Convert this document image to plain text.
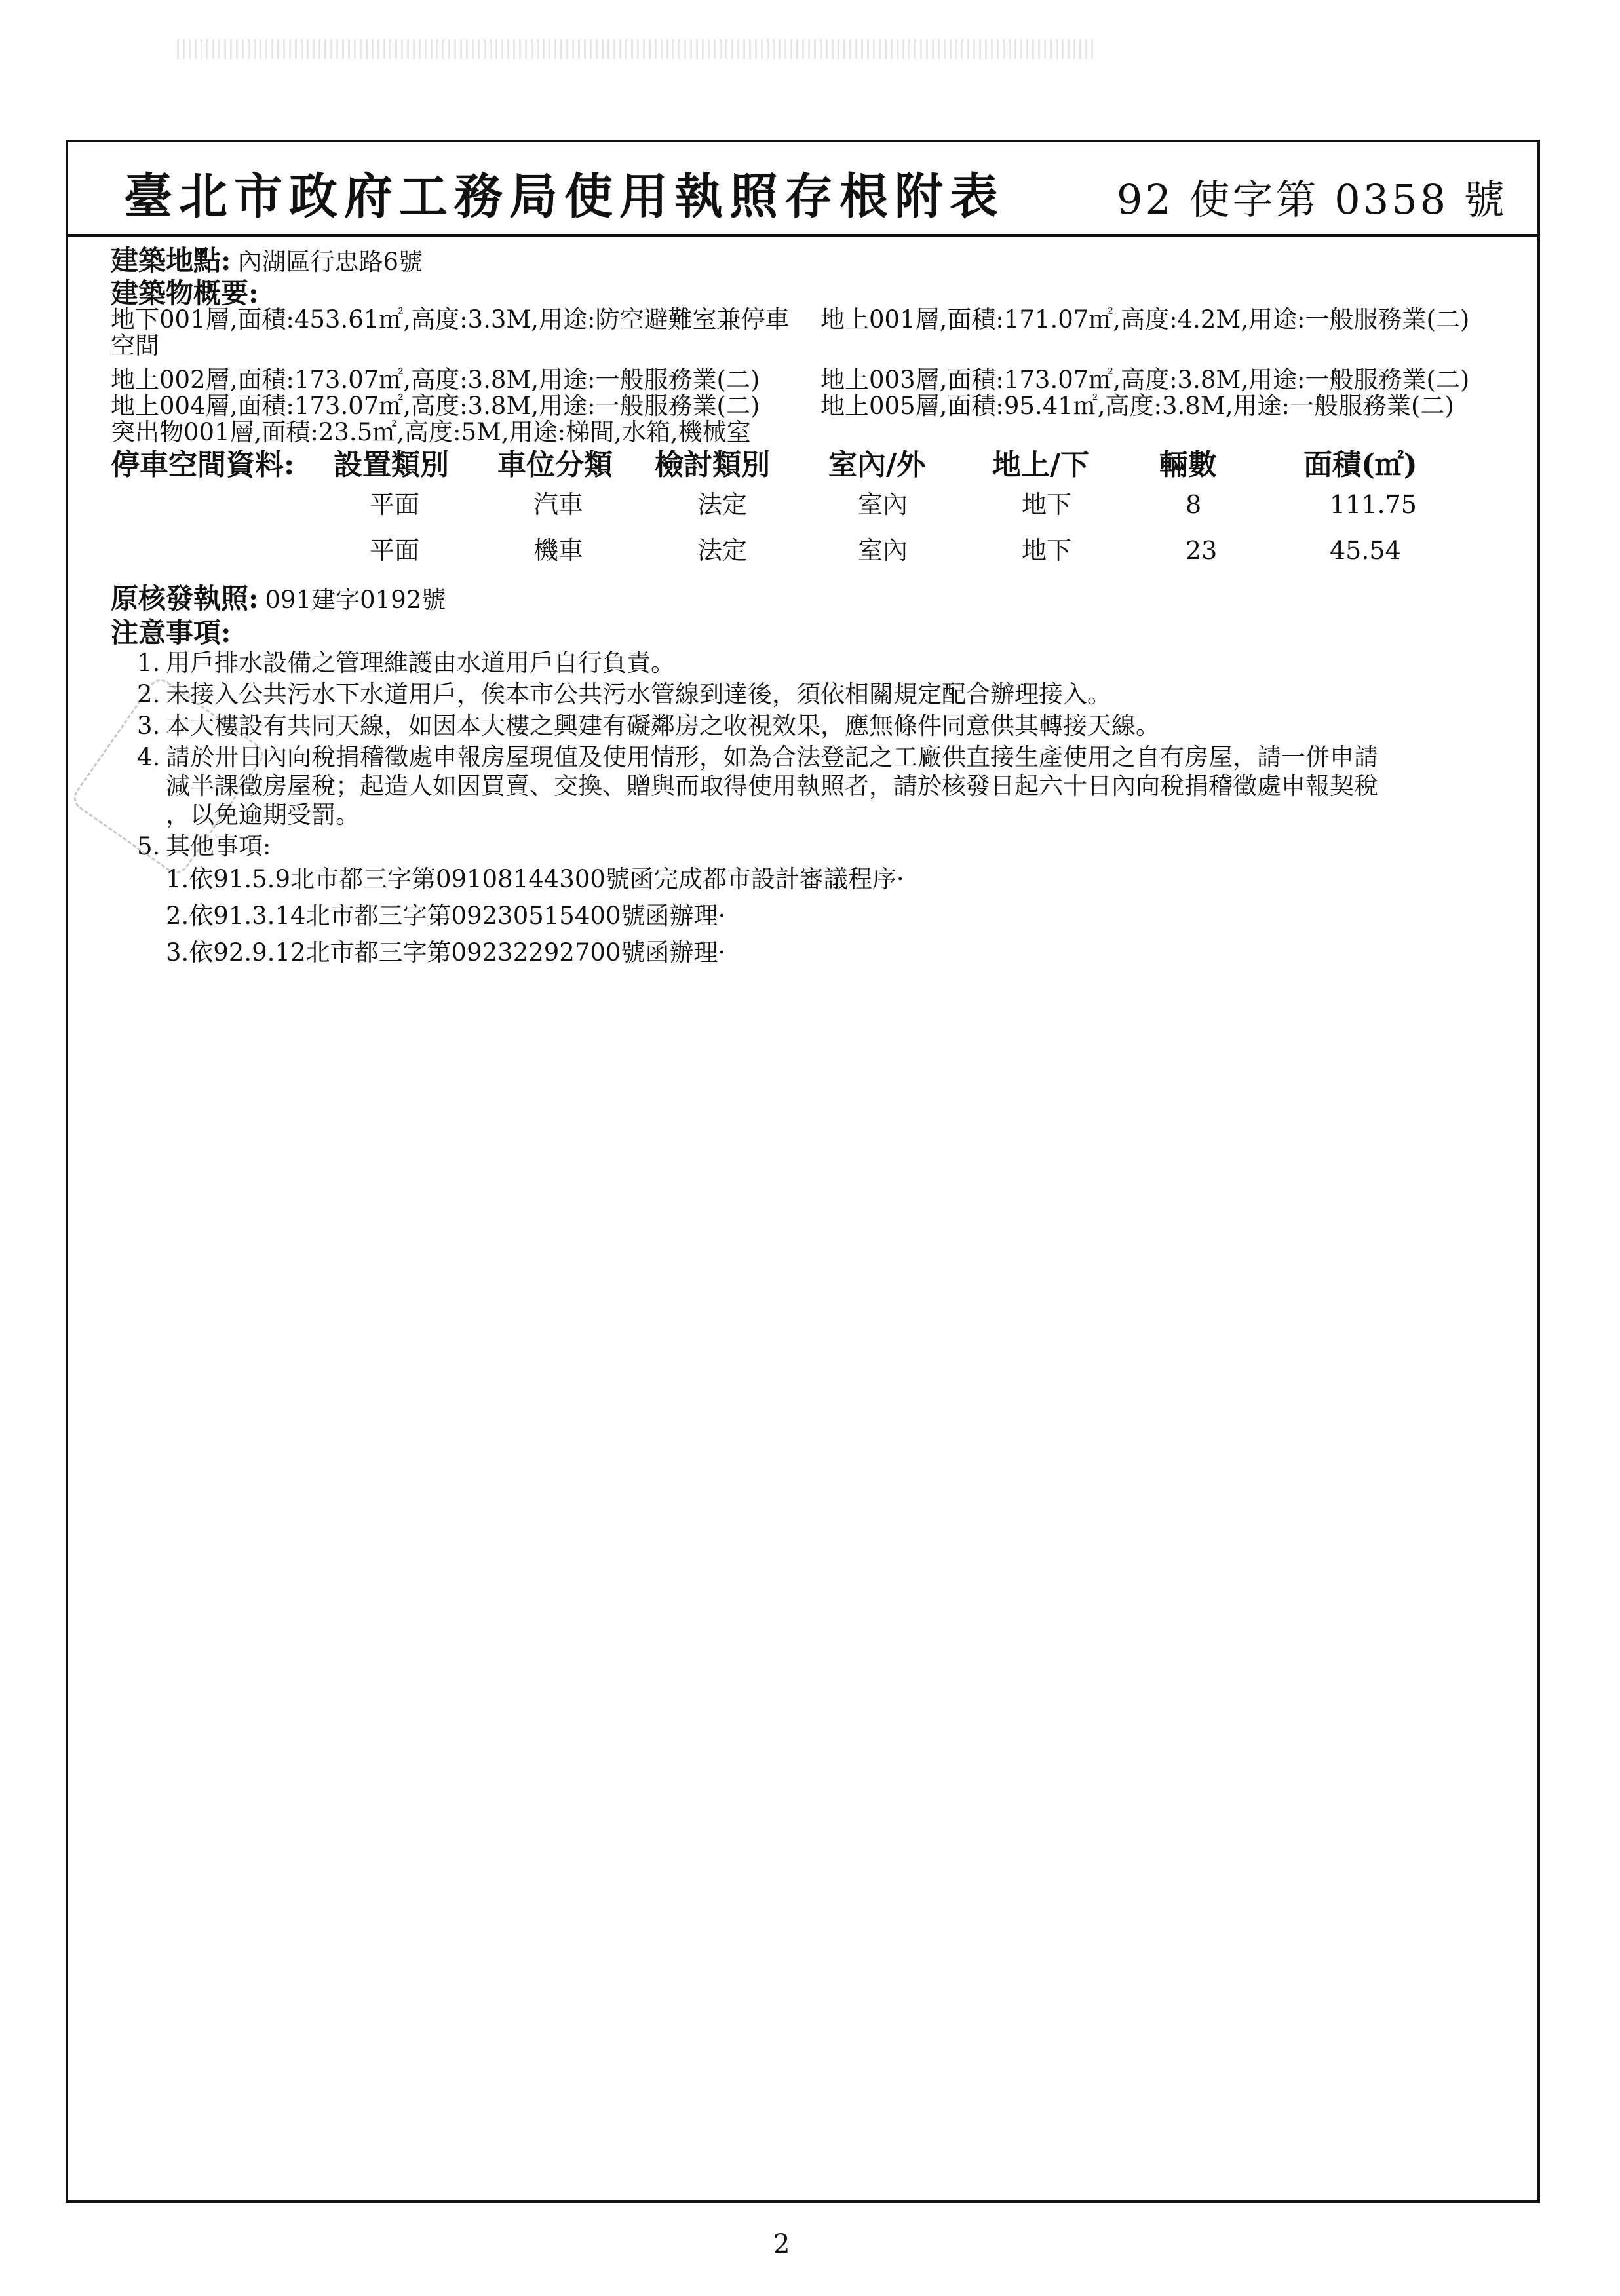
臺北市政府工務局使用執照存根附表	92 使字第 0358 號
建築地點: 內湖區行忠路6號
建築物概要:
地下001層,面積:453.61㎡,高度:3.3M,用途:防空避難室兼停車 地上001層,面積:171.07㎡,高度:4.2M,用途:一般服務業(二)
空間
地上002層,面積:173.07㎡,高度:3.8M,用途:一般服務業(二)	地上003層,面積:173.07㎡,高度:3.8M,用途:一般服務業(二)
地上004層,面積:173.07㎡,高度:3.8M,用途:一般服務業(二)	地上005層,面積:95.41㎡,高度:3.8M,用途:一般服務業(二)
突出物001層,面積:23.5㎡,高度:5M,用途:梯間,水箱,機械室
停車空間資料: 設置類別 車位分類 檢討類別 室內/外 地上/下 輛數	面積(㎡)
平面	汽車	法定	室內	地下	8	111.75
平面	機車	法定	室內	地下	23	45.54
原核發執照: 091建字0192號
注意事項:
1. 用戶排水設備之管理維護由水道用戶自行負責。
2. 未接入公共污水下水道用戶，俟本市公共污水管線到達後，須依相關規定配合辦理接入。
3. 本大樓設有共同天線，如因本大樓之興建有礙鄰房之收視效果，應無條件同意供其轉接天線。
4. 請於卅日內向稅捐稽徵處申報房屋現值及使用情形，如為合法登記之工廠供直接生產使用之自有房屋，請一併申請
減半課徵房屋稅；起造人如因買賣、交換、贈與而取得使用執照者，請於核發日起六十日內向稅捐稽徵處申報契稅
，以免逾期受罰。
5. 其他事項:
1.依91.5.9北市都三字第09108144300號函完成都市設計審議程序·
2.依91.3.14北市都三字第09230515400號函辦理·
3.依92.9.12北市都三字第09232292700號函辦理·
2
